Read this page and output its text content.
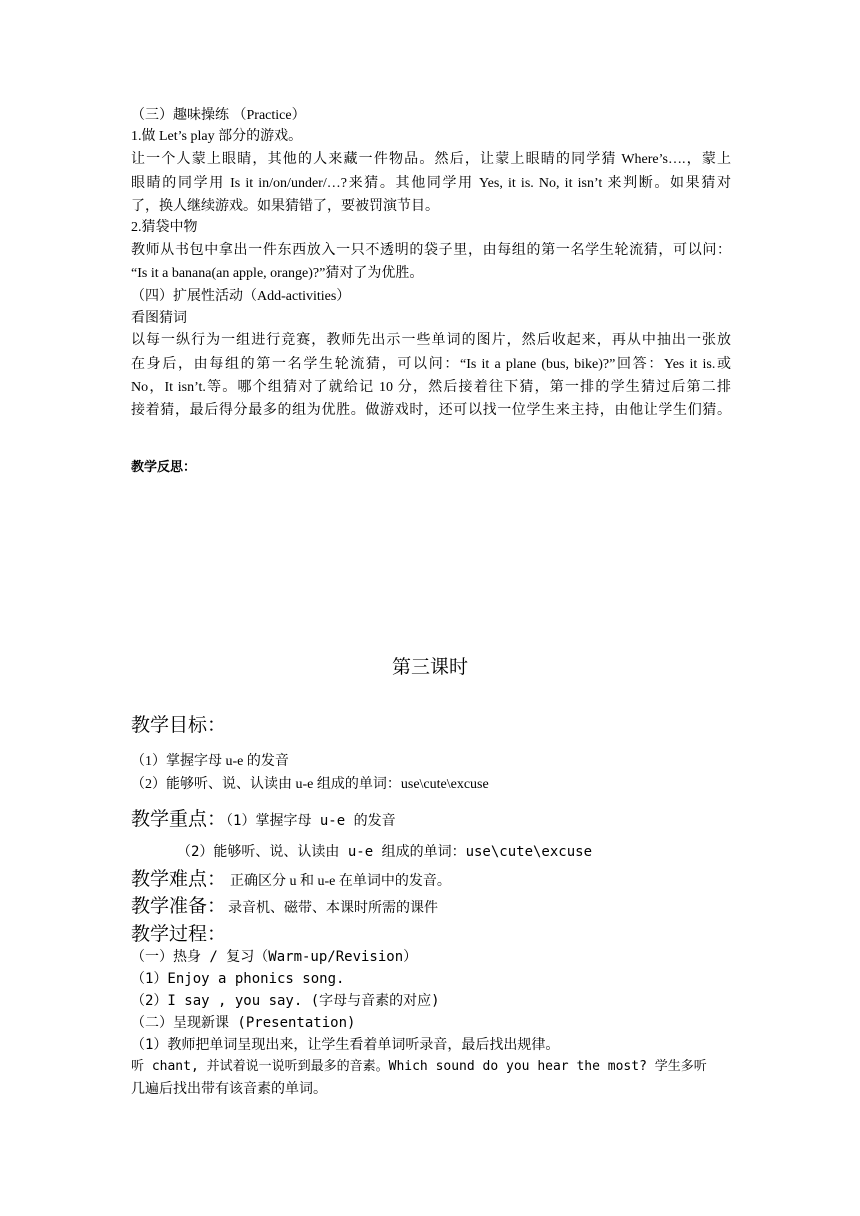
（三）趣味操练 （Practice）
1.做 Let’s play 部分的游戏。
让一个人蒙上眼睛，其他的人来藏一件物品。然后，让蒙上眼睛的同学猜 Where’s….，蒙上
眼睛的同学用 Is it in/on/under/…?来猜。其他同学用 Yes, it is. No, it isn’t 来判断。如果猜对
了，换人继续游戏。如果猜错了，要被罚演节目。
2.猜袋中物
教师从书包中拿出一件东西放入一只不透明的袋子里，由每组的第一名学生轮流猜，可以问：
“Is it a banana(an apple, orange)?”猜对了为优胜。
（四）扩展性活动（Add-activities）
看图猜词
以每一纵行为一组进行竞赛，教师先出示一些单词的图片，然后收起来，再从中抽出一张放
在身后，由每组的第一名学生轮流猜，可以问：“Is it a plane (bus, bike)?”回答：Yes it is.或
No，It isn’t.等。哪个组猜对了就给记 10 分，然后接着往下猜，第一排的学生猜过后第二排
接着猜，最后得分最多的组为优胜。做游戏时，还可以找一位学生来主持，由他让学生们猜。
教学反思：
第三课时
教学目标：
（1）掌握字母 u-e 的发音
（2）能够听、说、认读由 u-e 组成的单词：use\cute\excuse
教学重点：（1）掌握字母 u-e 的发音
（2）能够听、说、认读由 u-e 组成的单词：use\cute\excuse
教学难点： 正确区分 u 和 u-e 在单词中的发音。
教学准备： 录音机、磁带、本课时所需的课件
教学过程：
（一）热身 / 复习（Warm-up/Revision）
（1）Enjoy a phonics song.
（2）I say , you say. (字母与音素的对应)
（二）呈现新课 (Presentation)
（1）教师把单词呈现出来，让学生看着单词听录音，最后找出规律。
听 chant, 并试着说一说听到最多的音素。Which sound do you hear the most? 学生多听
几遍后找出带有该音素的单词。
